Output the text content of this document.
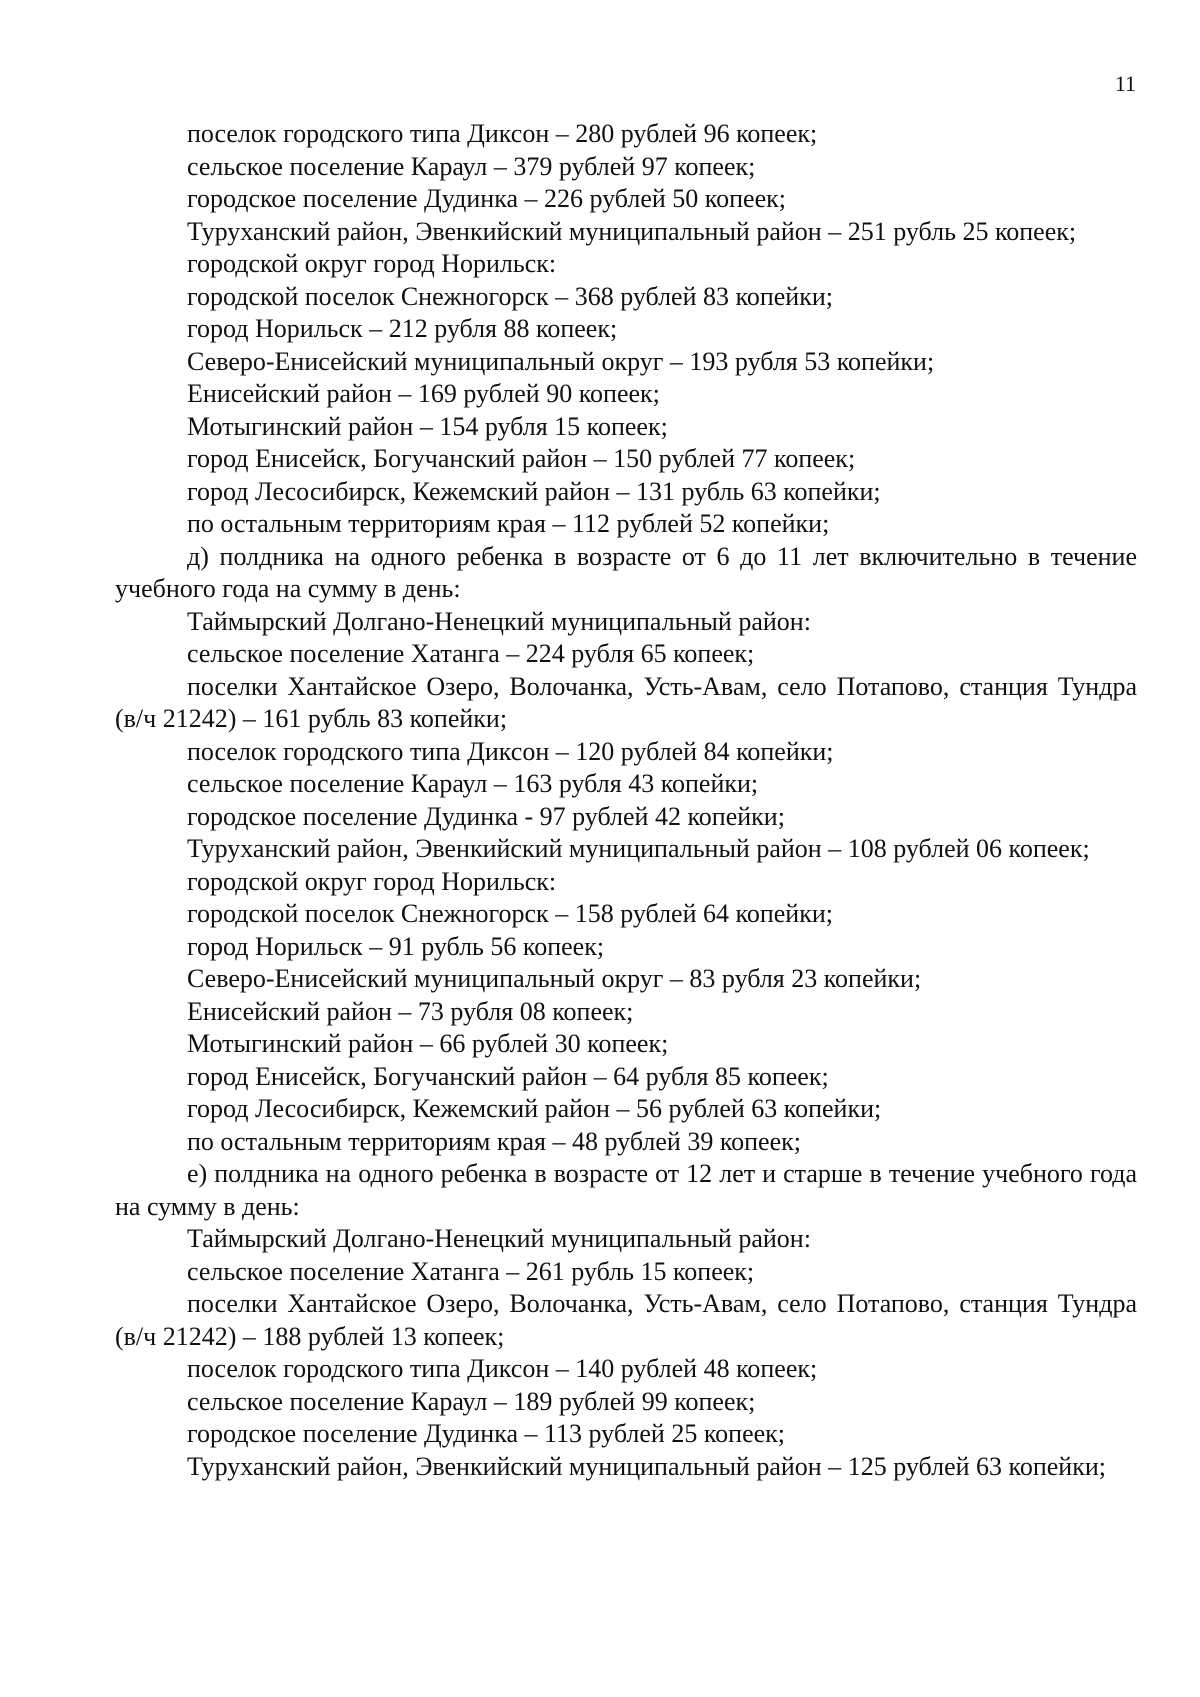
11

поселок городского типа Диксон – 280 рублей 96 копеек;

сельское поселение Караул – 379 рублей 97 копеек;

городское поселение Дудинка – 226 рублей 50 копеек;

Туруханский район, Эвенкийский муниципальный район – 251 рубль 25 копеек;

городской округ город Норильск:

городской поселок Снежногорск – 368 рублей 83 копейки;

город Норильск – 212 рубля 88 копеек;

Северо-Енисейский муниципальный округ – 193 рубля 53 копейки;

Енисейский район – 169 рублей 90 копеек;

Мотыгинский район – 154 рубля 15 копеек;

город Енисейск, Богучанский район – 150 рублей 77 копеек;

город Лесосибирск, Кежемский район – 131 рубль 63 копейки;

по остальным территориям края – 112 рублей 52 копейки;

д) полдника на одного ребенка в возрасте от 6 до 11 лет включительно в течение учебного года на сумму в день:

Таймырский Долгано-Ненецкий муниципальный район:

сельское поселение Хатанга – 224 рубля 65 копеек;

поселки Хантайское Озеро, Волочанка, Усть-Авам, село Потапово, станция Тундра (в/ч 21242) – 161 рубль 83 копейки;

поселок городского типа Диксон – 120 рублей 84 копейки;

сельское поселение Караул – 163 рубля 43 копейки;

городское поселение Дудинка - 97 рублей 42 копейки;

Туруханский район, Эвенкийский муниципальный район – 108 рублей 06 копеек;

городской округ город Норильск:

городской поселок Снежногорск – 158 рублей 64 копейки;

город Норильск – 91 рубль 56 копеек;

Северо-Енисейский муниципальный округ – 83 рубля 23 копейки;

Енисейский район – 73 рубля 08 копеек;

Мотыгинский район – 66 рублей 30 копеек;

город Енисейск, Богучанский район – 64 рубля 85 копеек;

город Лесосибирск, Кежемский район – 56 рублей 63 копейки;

по остальным территориям края – 48 рублей 39 копеек;

е) полдника на одного ребенка в возрасте от 12 лет и старше в течение учебного года на сумму в день:

Таймырский Долгано-Ненецкий муниципальный район:

сельское поселение Хатанга – 261 рубль 15 копеек;

поселки Хантайское Озеро, Волочанка, Усть-Авам, село Потапово, станция Тундра (в/ч 21242) – 188 рублей 13 копеек;

поселок городского типа Диксон – 140 рублей 48 копеек;

сельское поселение Караул – 189 рублей 99 копеек;

городское поселение Дудинка – 113 рублей 25 копеек;

Туруханский район, Эвенкийский муниципальный район – 125 рублей 63 копейки;
